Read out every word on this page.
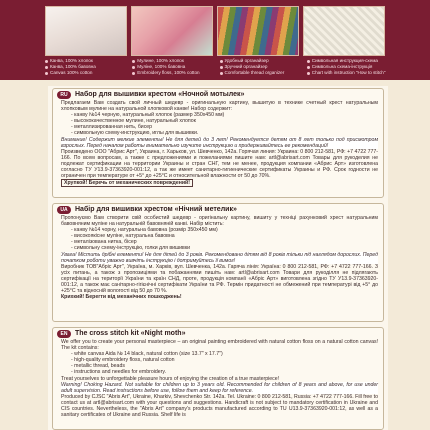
Канва, 100% хлопок
Канва, 100% бавовна
Canvas 100% cotton
Мулине, 100% хлопок
Муліне, 100% бавовна
Embroidery floss, 100% cotton
Удобный органайзер
Зручний органайзер
Comfortable thread organizer
Символьная инструкция-схема
Символьна схема-інструкція
Chart with instruction "How to stitch"
RU	Набор для вышивки крестом «Ночной мотылек»

Предлагаем Вам создать свой личный шедевр - оригинальную картину, вышитую в технике счетный крест натуральным хлопковым мулине на натуральной хлопковой канве! Набор содержит:

- канву №14 черную, натуральный хлопок (размер 350x450 мм)

- высококачественное мулине, натуральный хлопок

- металлизированная нить, бисер

- символьную схему-инструкцию, иглы для вышивки.

Внимание! Содержит мелкие элементы! Не для детей до 3 лет! Рекомендуется детям от 8 лет только под присмотром взрослых. Перед началом работы внимательно изучите инструкцию и придерживайтесь ее рекомендаций!

Произведено ООО "Абрис Арт", Украина, г. Харьков, ул. Шевченко, 142а. Горячая линия: Украина: 0 800 212-581, РФ: +7 4722 777-166. По всем вопросам, а также с предложениями и пожеланиями пишите нам: artl@abrisart.com Товары для рукоделия не подлежат сертификации на территории Украины и стран СНГ, тем не менее, продукция компании «Абрис Арт» изготовлена согласно ТУ У13.9-37363920-001:12, а так же имеет санитарно-гигиенические сертификаты Украины и РФ. Срок годности не ограничен при температуре от +5° до +25°C и относительной влажности от 50 до 70%.

Хрупкой! Беречь от механических повреждений!

UA	Набір для вишивки хрестом «Нічний метелик»

Пропонуємо Вам створити свій особистий шедевр - оригінальну картину, вишиту у техніці рахунковий хрест натуральним бавовняним муліне на натуральній бавовняній канві. Набір містить:

- канву №14 чорну, натуральна бавовна (розмір 350x450 мм)

- високоякісне муліне, натуральна бавовна

- металізована нитка, бісер

- символьну схему-інструкцію, голки для вишивки

Увага! Містить дрібні елементи! Не для дітей до 3 років. Рекомендовано дітям від 8 років тільки під наглядом дорослих. Перед початком роботи уважно вивчіть інструкцію і дотримуйтесь її вимог!

Виробник ТОВ"Абріс Арт", Україна, м. Харків, вул. Шевченка, 142а. Гаряча лінія: Україна: 0 800 212-581, РФ: +7 4722 777-166. З усіх питань, а також з пропозиціями та побажаннями пишіть нам: artl@abrisart.com Товари для рукоділля не підлягають сертифікації на території України та країн СНД, проте, продукція компанії «Абріс Арт» виготовлена згідно ТУ У13.9-37363920-001:12, а також має санітарно-гігієнічні сертифікати України та РФ. Термін придатності не обмежений при температурі від +5° до +25°C та відносній вологості від 50 до 70 %.

Крихкий! Берегти від механічних пошкоджень!

EN	The cross stitch kit «Night moth»

We offer you to create your personal masterpiece – an original painting embroidered with natural cotton floss on a natural cotton canvas! The kit contains:

- white canvas Aida № 14 black, natural cotton (size 13.7" x 17.7")

- high-quality embroidery floss, natural cotton

- metallic thread, beads

- instructions and needles for embroidery.

Treat yourselves to unforgettable pleasure hours of enjoying the creation of a true masterpiece!

Warning! Choking Hazard. Not suitable for children up to 3 years old. Recommended for children of 8 years and above, for use under adult supervision. Read instructions before use, follow them and keep for reference.

Produced by CJSC "Abris Art", Ukraine, Kharkiv, Shevchenko Str. 142a. Tel. Ukraine: 0 800 212-581, Russia: +7 4722 777-166. Fill free to contact us at artl@abrisart.com with your questions and suggestions. Handicraft is not subject to mandatory certification in Ukraine and CIS countries. Nevertheless, the "Abris Art" company's products manufactured according to TU U13.9-37363920-001:12, as well as a sanitary certificates of Ukraine and Russia. Shelf life is
